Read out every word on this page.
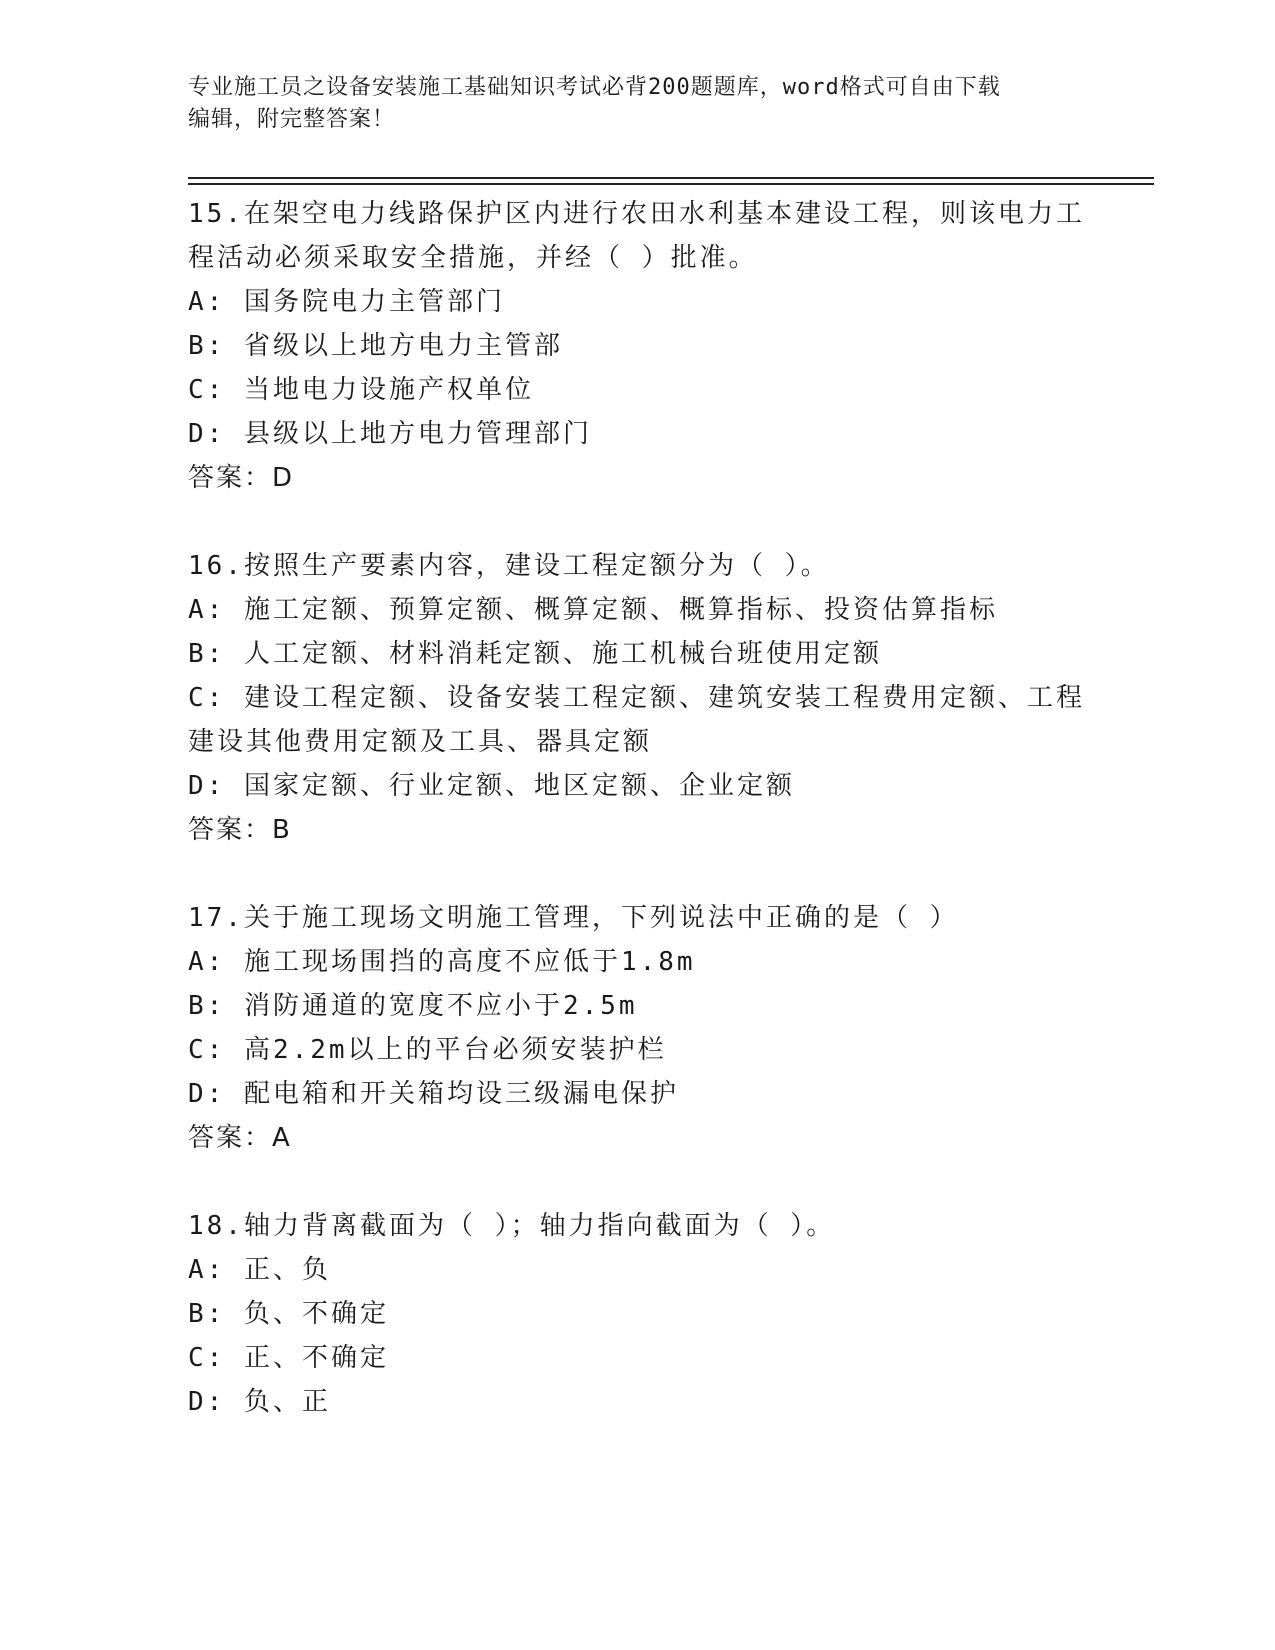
专业施工员之设备安装施工基础知识考试必背200题题库，word格式可自由下载
编辑，附完整答案！
15.在架空电力线路保护区内进行农田水利基本建设工程，则该电力工
程活动必须采取安全措施，并经（ ）批准。
A: 国务院电力主管部门
B: 省级以上地方电力主管部
C: 当地电力设施产权单位
D: 县级以上地方电力管理部门
答案：D
16.按照生产要素内容，建设工程定额分为（ ）。
A: 施工定额、预算定额、概算定额、概算指标、投资估算指标
B: 人工定额、材料消耗定额、施工机械台班使用定额
C: 建设工程定额、设备安装工程定额、建筑安装工程费用定额、工程
建设其他费用定额及工具、器具定额
D: 国家定额、行业定额、地区定额、企业定额
答案：B
17.关于施工现场文明施工管理，下列说法中正确的是（ ）
A: 施工现场围挡的高度不应低于1.8m
B: 消防通道的宽度不应小于2.5m
C: 高2.2m以上的平台必须安装护栏
D: 配电箱和开关箱均设三级漏电保护
答案：A
18.轴力背离截面为（ ）；轴力指向截面为（ ）。
A: 正、负
B: 负、不确定
C: 正、不确定
D: 负、正
